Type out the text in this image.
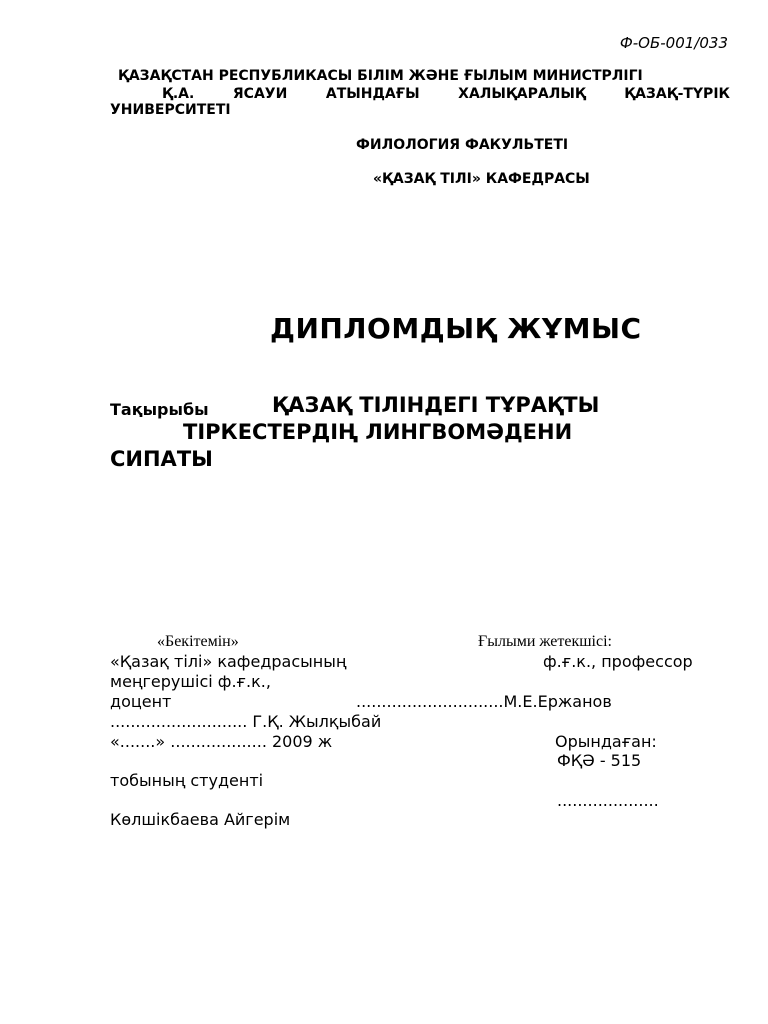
Ф-ОБ-001/033
ҚАЗАҚСТАН РЕСПУБЛИКАСЫ БІЛІМ ЖӘНЕ ҒЫЛЫМ МИНИСТРЛІГІ
Қ.А.	ЯСАУИ	АТЫНДАҒЫ	ХАЛЫҚАРАЛЫҚ	ҚАЗАҚ-ТҮРІК
УНИВЕРСИТЕТІ
ФИЛОЛОГИЯ ФАКУЛЬТЕТІ
«ҚАЗАҚ ТІЛІ» КАФЕДРАСЫ
ДИПЛОМДЫҚ ЖҰМЫС
Тақырыбы	ҚАЗАҚ ТІЛІНДЕГІ ТҰРАҚТЫ
ТІРКЕСТЕРДІҢ ЛИНГВОМӘДЕНИ
СИПАТЫ
«Бекітемін»	Ғылыми жетекшісі:
«Қазақ тілі» кафедрасының	ф.ғ.к., профессор
меңгерушісі ф.ғ.к.,
доцент	.............................М.Е.Ержанов
........................... Г.Қ. Жылқыбай
«.......» ................... 2009 ж	Орындаған:
ФҚӘ - 515
тобының студенті
....................
Көлшікбаева Айгерім
